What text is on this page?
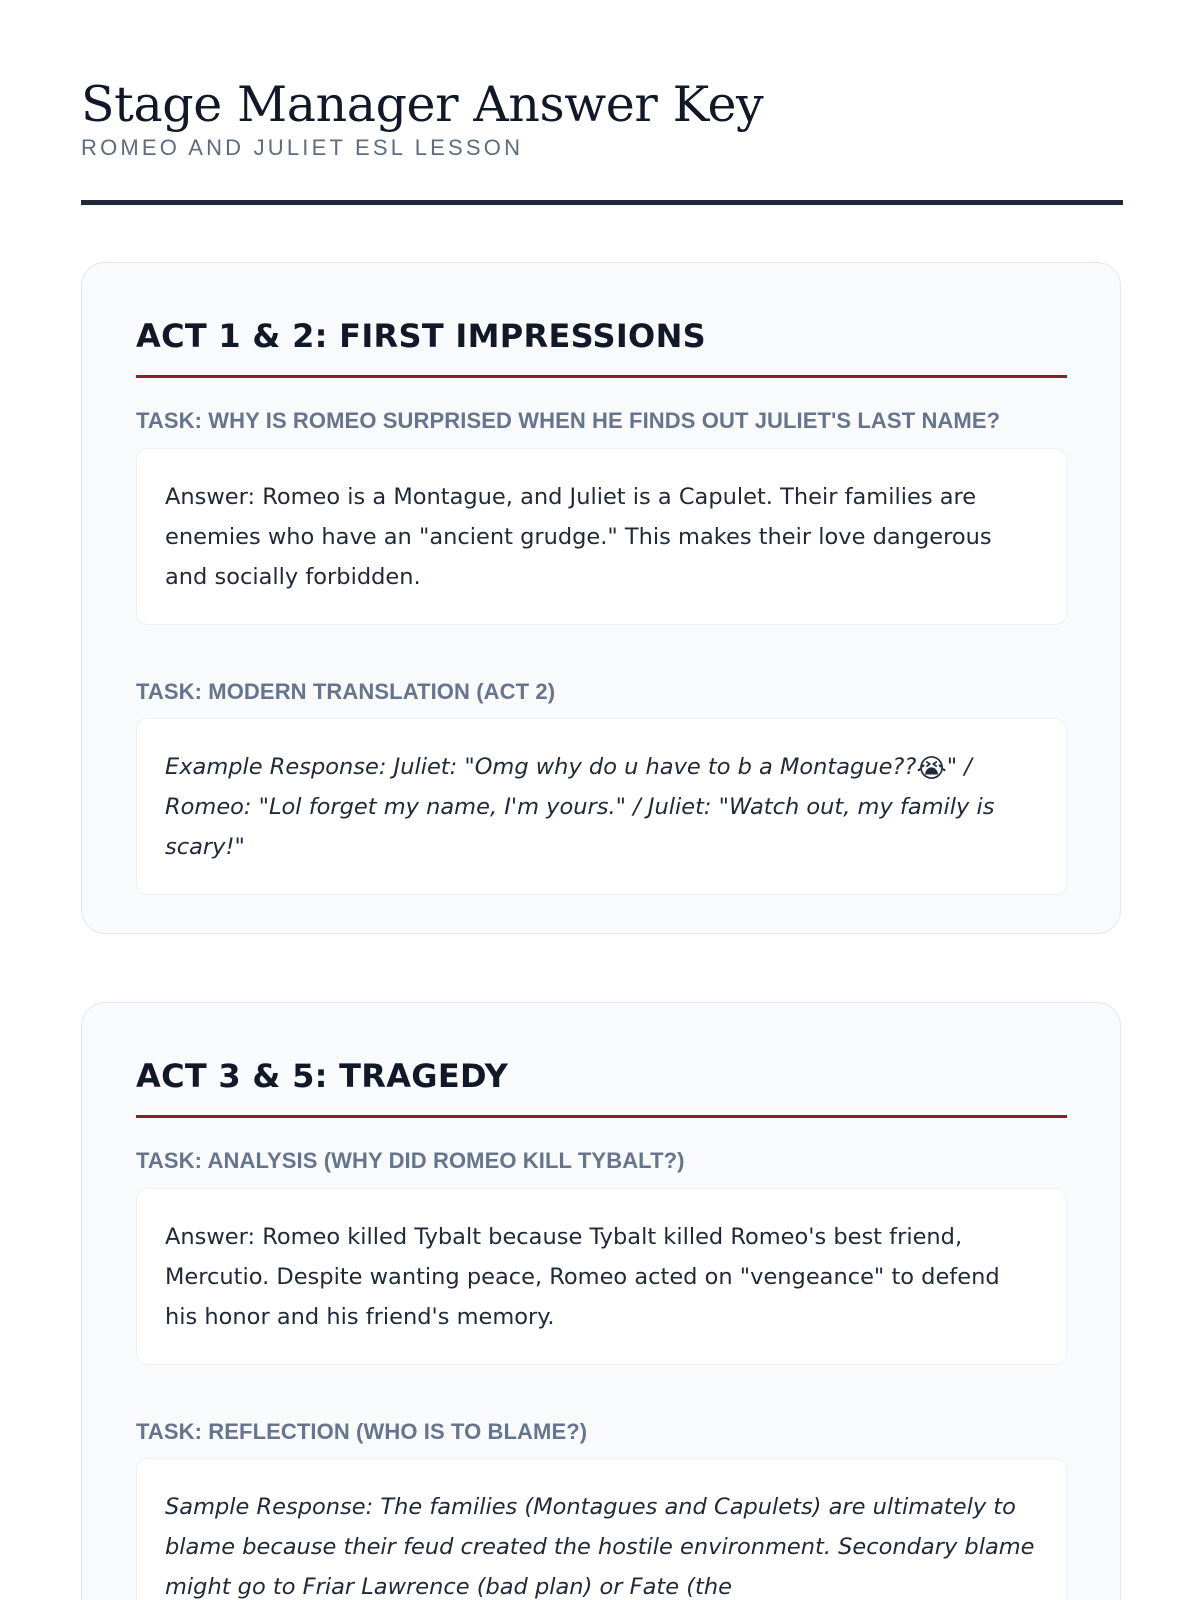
Stage Manager Answer Key
ROMEO AND JULIET ESL LESSON
ACT 1 & 2: FIRST IMPRESSIONS
TASK: WHY IS ROMEO SURPRISED WHEN HE FINDS OUT JULIET'S LAST NAME?
Answer: Romeo is a Montague, and Juliet is a Capulet. Their families are enemies who have an "ancient grudge." This makes their love dangerous and socially forbidden.
TASK: MODERN TRANSLATION (ACT 2)
Example Response: Juliet: "Omg why do u have to b a Montague??😭" / Romeo: "Lol forget my name, I'm yours." / Juliet: "Watch out, my family is scary!"
ACT 3 & 5: TRAGEDY
TASK: ANALYSIS (WHY DID ROMEO KILL TYBALT?)
Answer: Romeo killed Tybalt because Tybalt killed Romeo's best friend, Mercutio. Despite wanting peace, Romeo acted on "vengeance" to defend his honor and his friend's memory.
TASK: REFLECTION (WHO IS TO BLAME?)
Sample Response: The families (Montagues and Capulets) are ultimately to blame because their feud created the hostile environment. Secondary blame might go to Friar Lawrence (bad plan) or Fate (the
